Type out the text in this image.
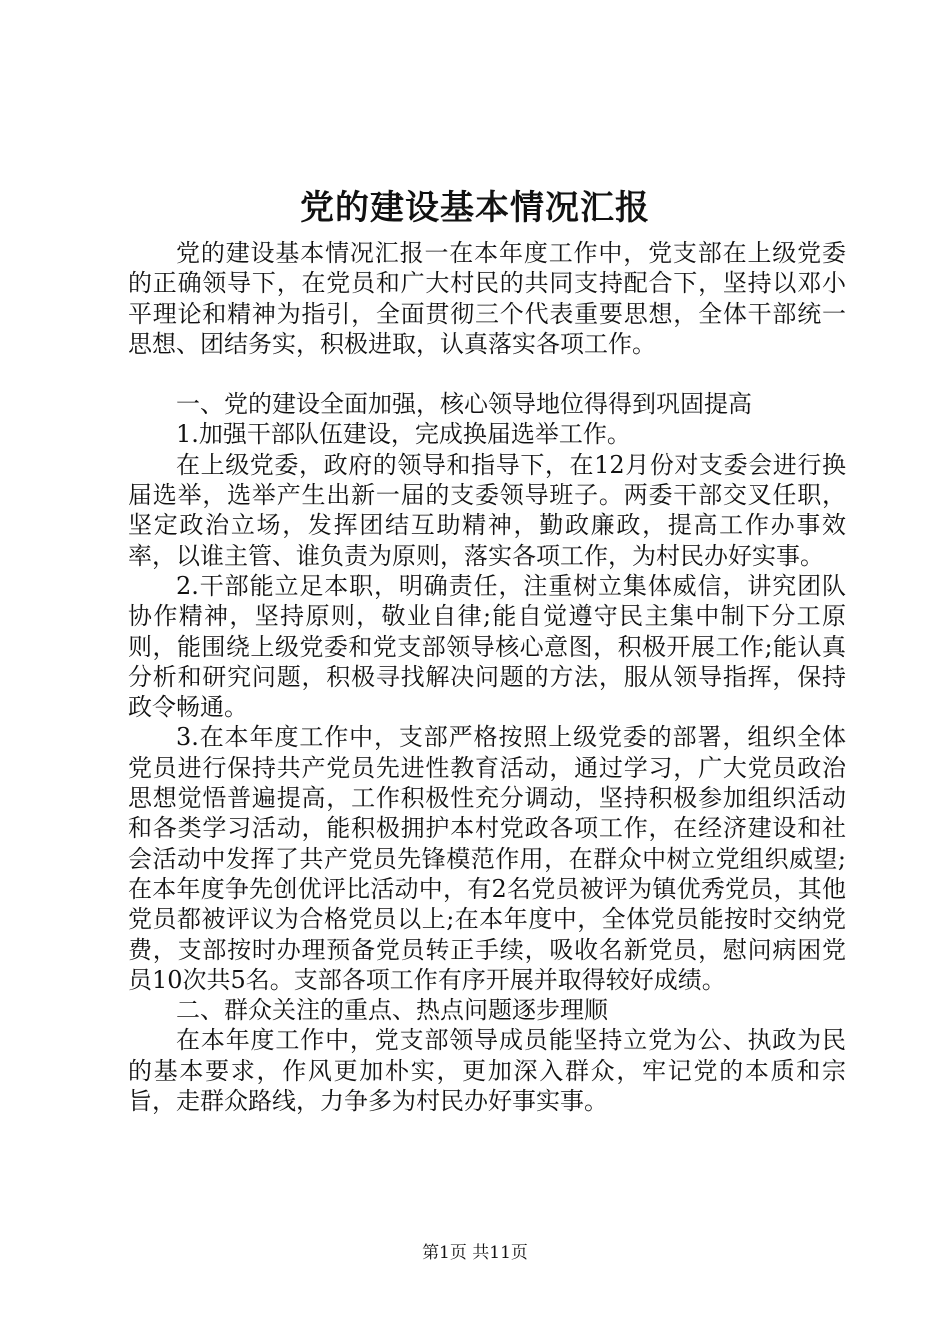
党的建设基本情况汇报

党的建设基本情况汇报一在本年度工作中，党支部在上级党委的正确领导下，在党员和广大村民的共同支持配合下，坚持以邓小平理论和精神为指引，全面贯彻三个代表重要思想，全体干部统一思想、团结务实，积极进取，认真落实各项工作。

一、党的建设全面加强，核心领导地位得得到巩固提高

1.加强干部队伍建设，完成换届选举工作。

在上级党委，政府的领导和指导下，在12月份对支委会进行换届选举，选举产生出新一届的支委领导班子。两委干部交叉任职，坚定政治立场，发挥团结互助精神，勤政廉政，提高工作办事效率，以谁主管、谁负责为原则，落实各项工作，为村民办好实事。

2.干部能立足本职，明确责任，注重树立集体威信，讲究团队协作精神，坚持原则，敬业自律;能自觉遵守民主集中制下分工原则，能围绕上级党委和党支部领导核心意图，积极开展工作;能认真分析和研究问题，积极寻找解决问题的方法，服从领导指挥，保持政令畅通。

3.在本年度工作中，支部严格按照上级党委的部署，组织全体党员进行保持共产党员先进性教育活动，通过学习，广大党员政治思想觉悟普遍提高，工作积极性充分调动，坚持积极参加组织活动和各类学习活动，能积极拥护本村党政各项工作，在经济建设和社会活动中发挥了共产党员先锋模范作用，在群众中树立党组织威望;在本年度争先创优评比活动中，有2名党员被评为镇优秀党员，其他党员都被评议为合格党员以上;在本年度中，全体党员能按时交纳党费，支部按时办理预备党员转正手续，吸收名新党员，慰问病困党员10次共5名。支部各项工作有序开展并取得较好成绩。

二、群众关注的重点、热点问题逐步理顺

在本年度工作中，党支部领导成员能坚持立党为公、执政为民的基本要求，作风更加朴实，更加深入群众，牢记党的本质和宗旨，走群众路线，力争多为村民办好事实事。

第1页 共11页
